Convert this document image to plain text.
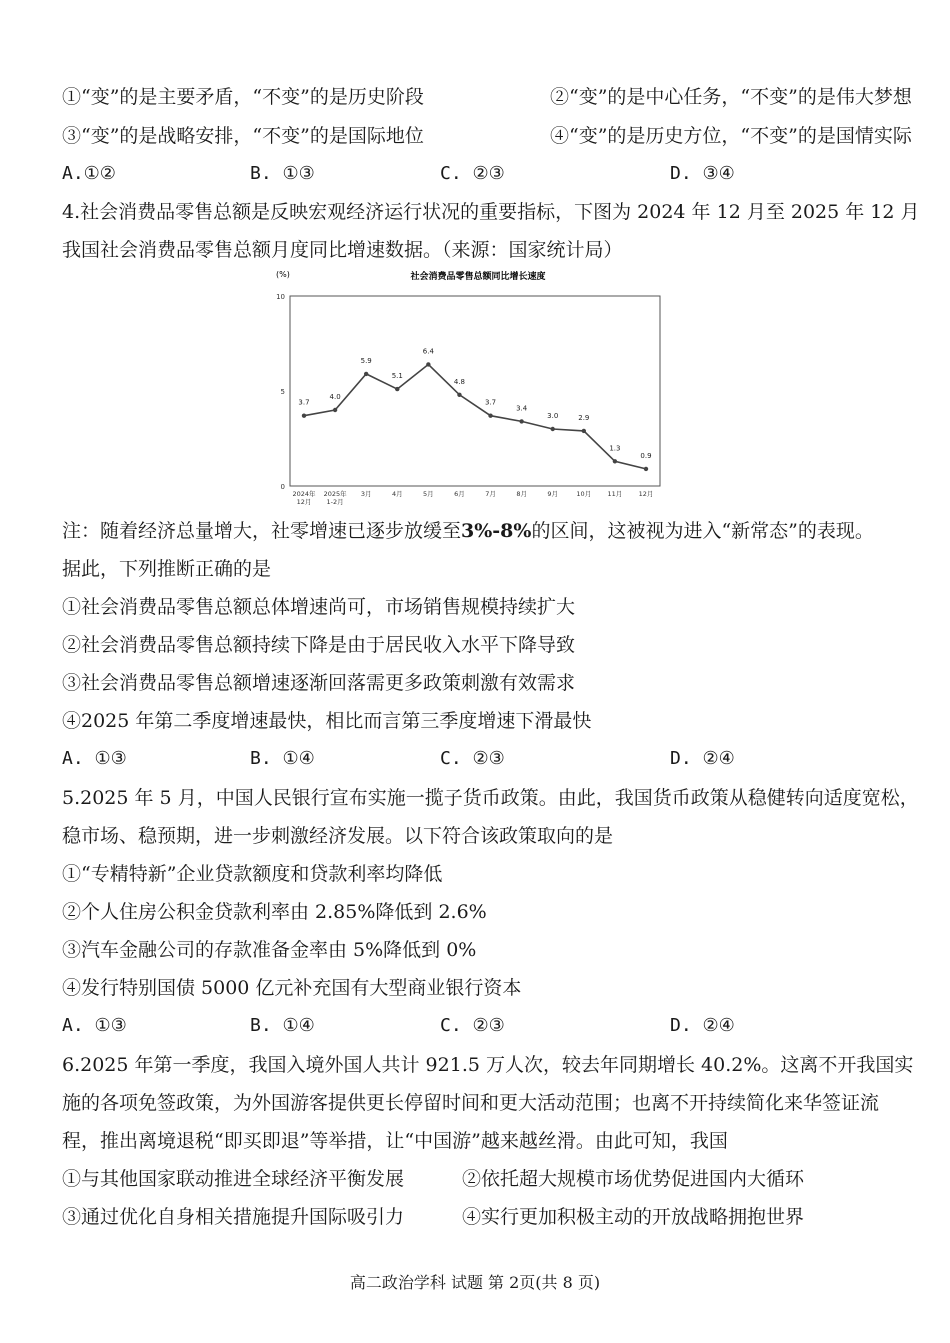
①“变”的是主要矛盾，“不变”的是历史阶段	②“变”的是中心任务，“不变”的是伟大梦想
③“变”的是战略安排，“不变”的是国际地位	④“变”的是历史方位，“不变”的是国情实际
A.①②	B. ①③	C. ②③	D. ③④
4.社会消费品零售总额是反映宏观经济运行状况的重要指标，下图为 2024 年 12 月至 2025 年 12 月
我国社会消费品零售总额月度同比增速数据。（来源：国家统计局）
社会消费品零售总额同比增长速度
(%)
0
5
10
3.7
2024年
12月
4.0
2025年
1-2月
5.9
3月
5.1
4月
6.4
5月
4.8
6月
3.7
7月
3.4
8月
3.0
9月
2.9
10月
1.3
11月
0.9
12月
注：随着经济总量增大，社零增速已逐步放缓至3%-8%的区间，这被视为进入“新常态”的表现。
据此，下列推断正确的是
①社会消费品零售总额总体增速尚可，市场销售规模持续扩大
②社会消费品零售总额持续下降是由于居民收入水平下降导致
③社会消费品零售总额增速逐渐回落需更多政策刺激有效需求
④2025 年第二季度增速最快，相比而言第三季度增速下滑最快
A. ①③	B. ①④	C. ②③	D. ②④
5.2025 年 5 月，中国人民银行宣布实施一揽子货币政策。由此，我国货币政策从稳健转向适度宽松，
稳市场、稳预期，进一步刺激经济发展。以下符合该政策取向的是
①“专精特新”企业贷款额度和贷款利率均降低
②个人住房公积金贷款利率由 2.85%降低到 2.6%
③汽车金融公司的存款准备金率由 5%降低到 0%
④发行特别国债 5000 亿元补充国有大型商业银行资本
A. ①③	B. ①④	C. ②③	D. ②④
6.2025 年第一季度，我国入境外国人共计 921.5 万人次，较去年同期增长 40.2%。这离不开我国实
施的各项免签政策，为外国游客提供更长停留时间和更大活动范围；也离不开持续简化来华签证流
程，推出离境退税“即买即退”等举措，让“中国游”越来越丝滑。由此可知，我国
①与其他国家联动推进全球经济平衡发展	②依托超大规模市场优势促进国内大循环
③通过优化自身相关措施提升国际吸引力	④实行更加积极主动的开放战略拥抱世界
高二政治学科 试题 第 2页(共 8 页)
